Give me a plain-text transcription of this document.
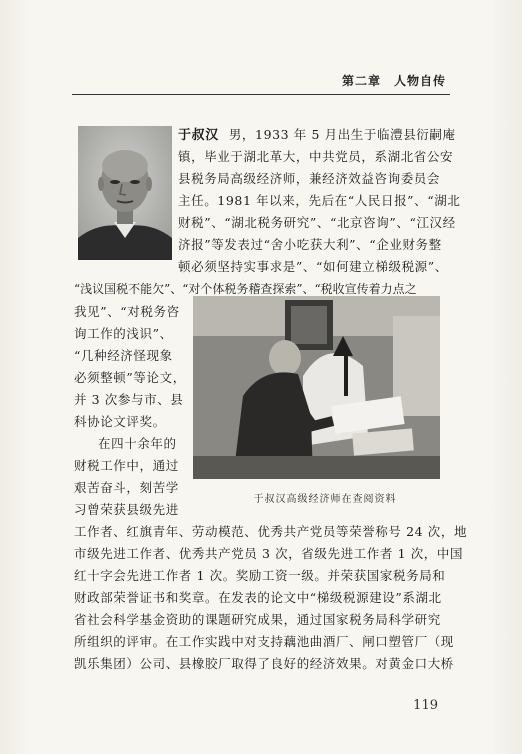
第二章　人物自传
于叔汉 男，1933 年 5 月出生于临澧县衍嗣庵
镇，毕业于湖北革大，中共党员，系湖北省公安
县税务局高级经济师，兼经济效益咨询委员会
主任。1981 年以来，先后在“人民日报”、“湖北
财税”、“湖北税务研究”、“北京咨询”、“江汉经
济报”等发表过“舍小吃获大利”、“企业财务整
顿必须坚持实事求是”、“如何建立梯级税源”、
“浅议国税不能欠”、“对个体税务稽查探索”、“税收宣传着力点之
我见”、“对税务咨
询工作的浅识”、
“几种经济怪现象
必须整顿”等论文，
并 3 次参与市、县
科协论文评奖。
在四十余年的
财税工作中，通过
艰苦奋斗，刻苦学
习曾荣获县级先进
于叔汉高级经济师在查阅资料
工作者、红旗青年、劳动模范、优秀共产党员等荣誉称号 24 次，地
市级先进工作者、优秀共产党员 3 次，省级先进工作者 1 次，中国
红十字会先进工作者 1 次。奖励工资一级。并荣获国家税务局和
财政部荣誉证书和奖章。在发表的论文中“梯级税源建设”系湖北
省社会科学基金资助的课题研究成果，通过国家税务局科学研究
所组织的评审。在工作实践中对支持藕池曲酒厂、闸口塑管厂（现
凯乐集团）公司、县橡胶厂取得了良好的经济效果。对黄金口大桥
119
